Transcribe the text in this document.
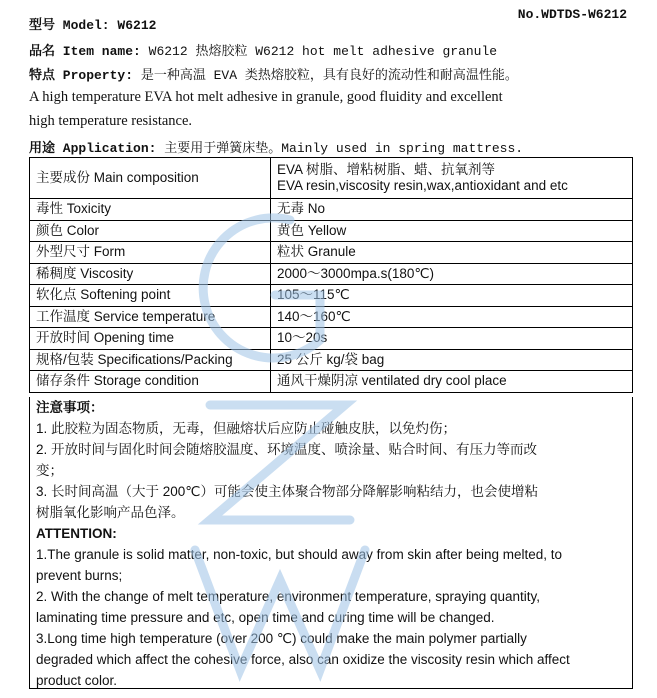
No.WDTDS-W6212
型号 Model: W6212
品名 Item name: W6212 热熔胶粒 W6212 hot melt adhesive granule
特点 Property: 是一种高温 EVA 类热熔胶粒，具有良好的流动性和耐高温性能。
A high temperature EVA hot melt adhesive in granule, good fluidity and excellent
high temperature resistance.
用途 Application: 主要用于弹簧床垫。Mainly used in spring mattress.
主要成份 Main composition	EVA 树脂、增粘树脂、蜡、抗氧剂等
EVA resin,viscosity resin,wax,antioxidant and etc

毒性 Toxicity	无毒 No
颜色 Color	黄色 Yellow
外型尺寸 Form	粒状 Granule
稀稠度 Viscosity	2000～3000mpa.s(180℃)
软化点 Softening point	105～115℃
工作温度 Service temperature	140～160℃
开放时间 Opening time	10～20s
规格/包装 Specifications/Packing	25 公斤 kg/袋 bag
储存条件 Storage condition	通风干燥阴凉 ventilated dry cool place
注意事项：
1. 此胶粒为固态物质，无毒，但融熔状后应防止碰触皮肤，以免灼伤；
2. 开放时间与固化时间会随熔胶温度、环境温度、喷涂量、贴合时间、有压力等而改
变；
3. 长时间高温（大于 200℃）可能会使主体聚合物部分降解影响粘结力，也会使增粘
树脂氧化影响产品色泽。
ATTENTION:
1.The granule is solid matter, non-toxic, but should away from skin after being melted, to
prevent burns;
2. With the change of melt temperature, environment temperature, spraying quantity,
laminating time pressure and etc, open time and curing time will be changed.
3.Long time high temperature (over 200 ℃) could make the main polymer partially
degraded which affect the cohesive force, also can oxidize the viscosity resin which affect
product color.	GZW
